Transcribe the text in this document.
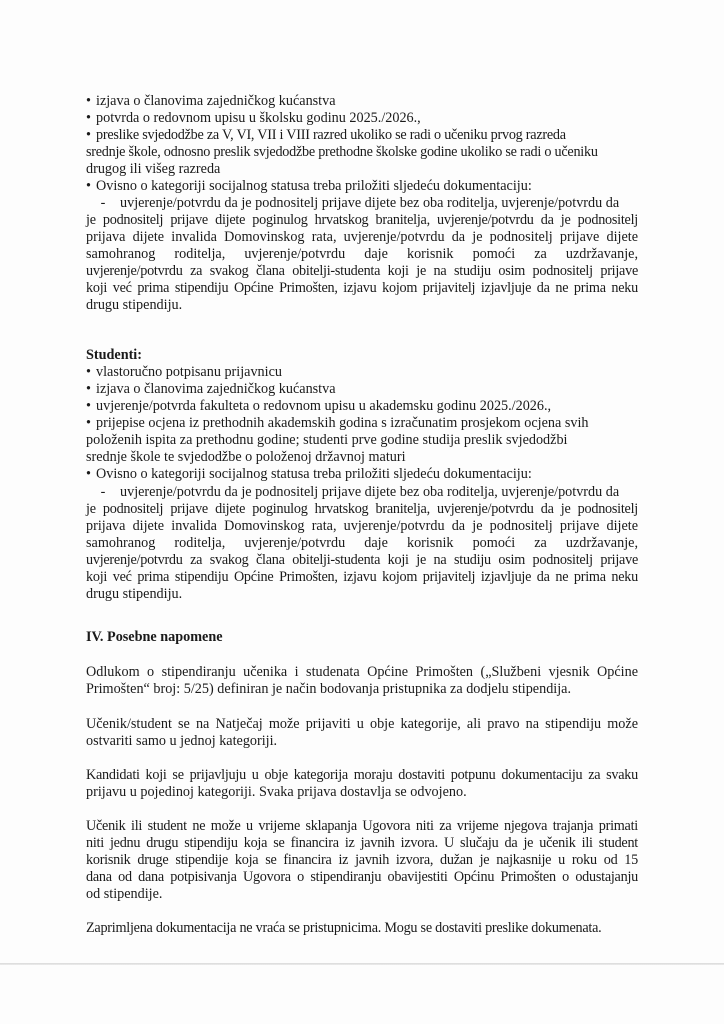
• izjava o članovima zajedničkog kućanstva
• potvrda o redovnom upisu u školsku godinu 2025./2026.,
• preslike svjedodžbe za V, VI, VII i VIII razred ukoliko se radi o učeniku prvog razreda
srednje škole, odnosno preslik svjedodžbe prethodne školske godine ukoliko se radi o učeniku
drugog ili višeg razreda
• Ovisno o kategoriji socijalnog statusa treba priložiti sljedeću dokumentaciju:
- uvjerenje/potvrdu da je podnositelj prijave dijete bez oba roditelja, uvjerenje/potvrdu da
je podnositelj prijave dijete poginulog hrvatskog branitelja, uvjerenje/potvrdu da je podnositelj
prijava dijete invalida Domovinskog rata, uvjerenje/potvrdu da je podnositelj prijave dijete
samohranog roditelja, uvjerenje/potvrdu daje korisnik pomoći za uzdržavanje,
uvjerenje/potvrdu za svakog člana obitelji-studenta koji je na studiju osim podnositelj prijave
koji već prima stipendiju Općine Primošten, izjavu kojom prijavitelj izjavljuje da ne prima neku
drugu stipendiju.
Studenti:
• vlastoručno potpisanu prijavnicu
• izjava o članovima zajedničkog kućanstva
• uvjerenje/potvrda fakulteta o redovnom upisu u akademsku godinu 2025./2026.,
• prijepise ocjena iz prethodnih akademskih godina s izračunatim prosjekom ocjena svih
položenih ispita za prethodnu godine; studenti prve godine studija preslik svjedodžbi
srednje škole te svjedodžbe o položenoj državnoj maturi
• Ovisno o kategoriji socijalnog statusa treba priložiti sljedeću dokumentaciju:
- uvjerenje/potvrdu da je podnositelj prijave dijete bez oba roditelja, uvjerenje/potvrdu da
je podnositelj prijave dijete poginulog hrvatskog branitelja, uvjerenje/potvrdu da je podnositelj
prijava dijete invalida Domovinskog rata, uvjerenje/potvrdu da je podnositelj prijave dijete
samohranog roditelja, uvjerenje/potvrdu daje korisnik pomoći za uzdržavanje,
uvjerenje/potvrdu za svakog člana obitelji-studenta koji je na studiju osim podnositelj prijave
koji već prima stipendiju Općine Primošten, izjavu kojom prijavitelj izjavljuje da ne prima neku
drugu stipendiju.
IV. Posebne napomene
Odlukom o stipendiranju učenika i studenata Općine Primošten („Službeni vjesnik Općine
Primošten“ broj: 5/25) definiran je način bodovanja pristupnika za dodjelu stipendija.
Učenik/student se na Natječaj može prijaviti u obje kategorije, ali pravo na stipendiju može
ostvariti samo u jednoj kategoriji.
Kandidati koji se prijavljuju u obje kategorija moraju dostaviti potpunu dokumentaciju za svaku
prijavu u pojedinoj kategoriji. Svaka prijava dostavlja se odvojeno.
Učenik ili student ne može u vrijeme sklapanja Ugovora niti za vrijeme njegova trajanja primati
niti jednu drugu stipendiju koja se financira iz javnih izvora. U slučaju da je učenik ili student
korisnik druge stipendije koja se financira iz javnih izvora, dužan je najkasnije u roku od 15
dana od dana potpisivanja Ugovora o stipendiranju obavijestiti Općinu Primošten o odustajanju
od stipendije.
Zaprimljena dokumentacija ne vraća se pristupnicima. Mogu se dostaviti preslike dokumenata.
